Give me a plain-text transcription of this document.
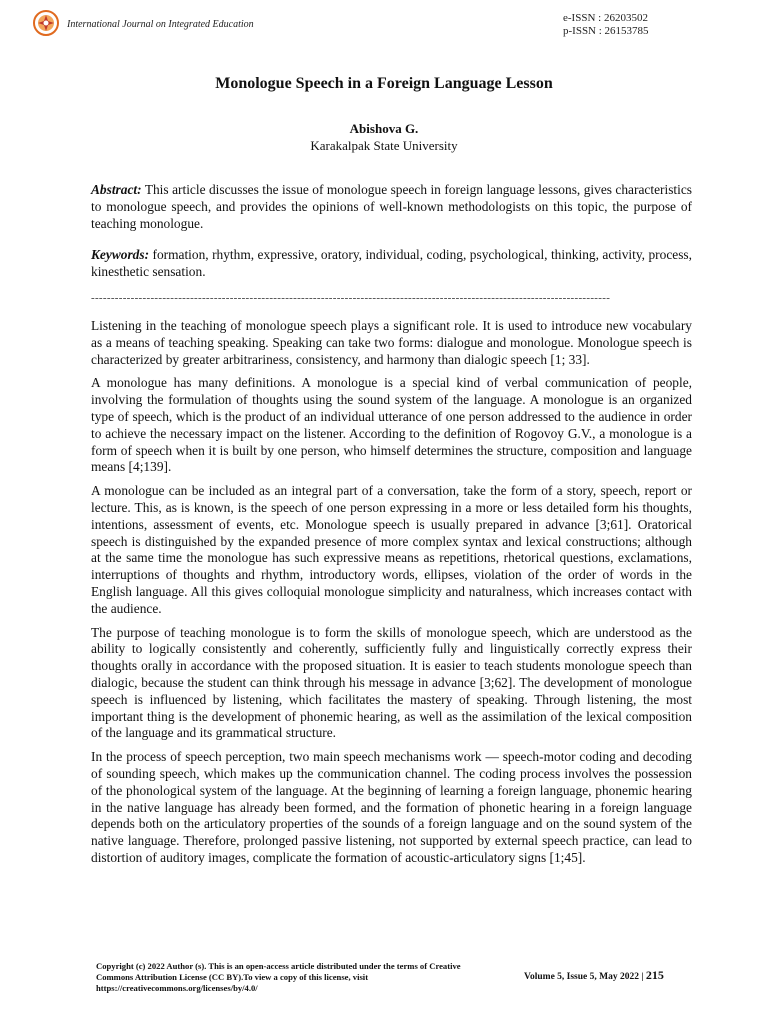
International Journal on Integrated Education
e-ISSN : 26203502
p-ISSN : 26153785
Monologue Speech in a Foreign Language Lesson
Abishova G.
Karakalpak State University
Abstract: This article discusses the issue of monologue speech in foreign language lessons, gives characteristics to monologue speech, and provides the opinions of well-known methodologists on this topic, the purpose of teaching monologue.
Keywords: formation, rhythm, expressive, oratory, individual, coding, psychological, thinking, activity, process, kinesthetic sensation.
-----------------------------------------------------------------------------------------------------------------------------------

Listening in the teaching of monologue speech plays a significant role. It is used to introduce new vocabulary as a means of teaching speaking. Speaking can take two forms: dialogue and monologue. Monologue speech is characterized by greater arbitrariness, consistency, and harmony than dialogic speech [1; 33].

A monologue has many definitions. A monologue is a special kind of verbal communication of people, involving the formulation of thoughts using the sound system of the language. A monologue is an organized type of speech, which is the product of an individual utterance of one person addressed to the audience in order to achieve the necessary impact on the listener. According to the definition of Rogovoy G.V., a monologue is a form of speech when it is built by one person, who himself determines the structure, composition and language means [4;139].

A monologue can be included as an integral part of a conversation, take the form of a story, speech, report or lecture. This, as is known, is the speech of one person expressing in a more or less detailed form his thoughts, intentions, assessment of events, etc. Monologue speech is usually prepared in advance [3;61]. Oratorical speech is distinguished by the expanded presence of more complex syntax and lexical constructions; although at the same time the monologue has such expressive means as repetitions, rhetorical questions, exclamations, interruptions of thoughts and rhythm, introductory words, ellipses, violation of the order of words in the English language. All this gives colloquial monologue simplicity and naturalness, which increases contact with the audience.

The purpose of teaching monologue is to form the skills of monologue speech, which are understood as the ability to logically consistently and coherently, sufficiently fully and linguistically correctly express their thoughts orally in accordance with the proposed situation. It is easier to teach students monologue speech than dialogic, because the student can think through his message in advance [3;62]. The development of monologue speech is influenced by listening, which facilitates the mastery of speaking. Through listening, the most important thing is the development of phonemic hearing, as well as the assimilation of the lexical composition of the language and its grammatical structure.

In the process of speech perception, two main speech mechanisms work — speech-motor coding and decoding of sounding speech, which makes up the communication channel. The coding process involves the possession of the phonological system of the language. At the beginning of learning a foreign language, phonemic hearing in the native language has already been formed, and the formation of phonetic hearing in a foreign language depends both on the articulatory properties of the sounds of a foreign language and on the sound system of the native language. Therefore, prolonged passive listening, not supported by external speech practice, can lead to distortion of auditory images, complicate the formation of acoustic-articulatory signs [1;45].

Copyright (c) 2022 Author (s). This is an open-access article distributed under the terms of Creative Commons Attribution License (CC BY).To view a copy of this license, visit https://creativecommons.org/licenses/by/4.0/
Volume 5, Issue 5, May 2022 | 215
